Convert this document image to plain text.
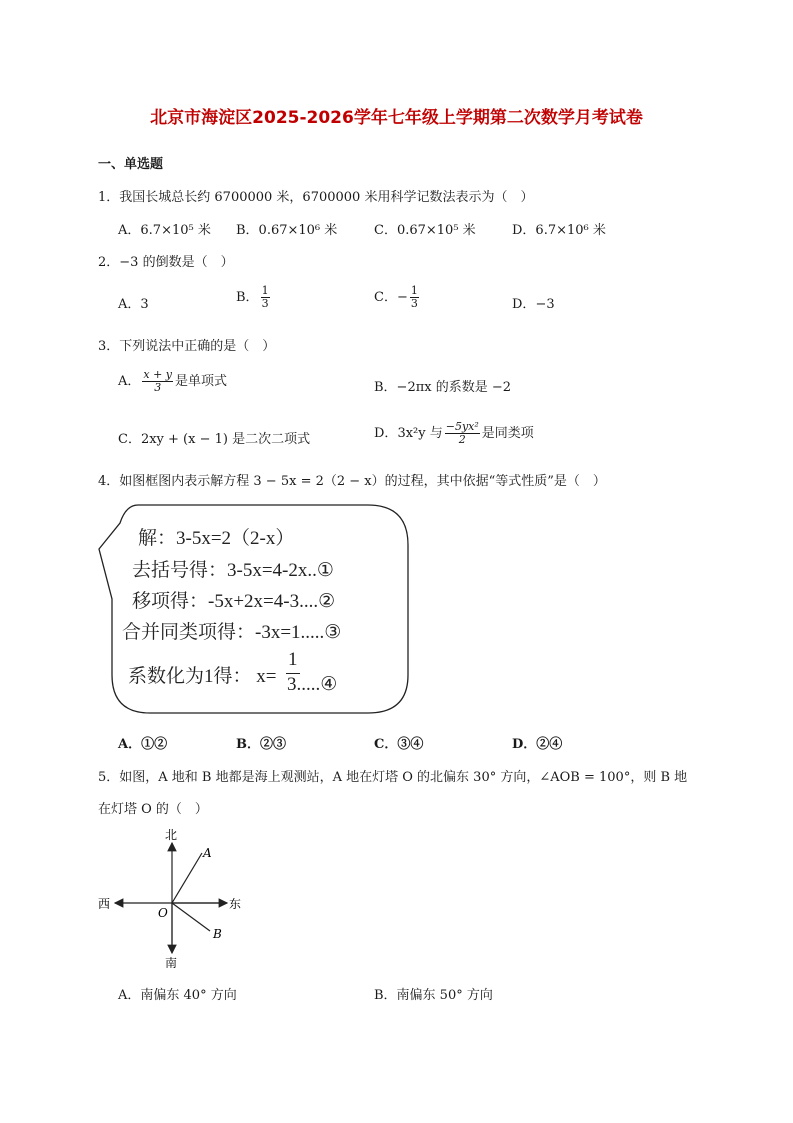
北京市海淀区2025-2026学年七年级上学期第二次数学月考试卷
一、单选题
1．我国长城总长约 6700000 米，6700000 米用科学记数法表示为（　）
A．6.7×10⁵ 米 B．0.67×10⁶ 米	C．0.67×10⁵ 米	D．6.7×10⁶ 米
2．−3 的倒数是（　）
A．3	B． $\frac{1}{3}$	C．− $\frac{1}{3}$	D．−3
3．下列说法中正确的是（　）
A． $\frac{x + y}{3}$ 是单项式	B．−2πx 的系数是 −2
C．2xy + (x − 1) 是二次二项式	D．3x²y 与 $\frac{\text{−5yx²}}{2}$ 是同类项
4．如图框图内表示解方程 3 − 5x = 2（2 − x）的过程，其中依据“等式性质”是（　）
解：3-5x=2（2-x）
去括号得：3-5x=4-2x..①
移项得：-5x+2x=4-3....②
合并同类项得：-3x=1.....③
系数化为1得： x=
1
3.....④
A．①②	B．②③	C．③④	D．②④
5．如图，A 地和 B 地都是海上观测站，A 地在灯塔 O 的北偏东 30° 方向，∠AOB = 100°，则 B 地
在灯塔 O 的（　）
北
南
西	东
A
B
O
A．南偏东 40° 方向	B．南偏东 50° 方向
